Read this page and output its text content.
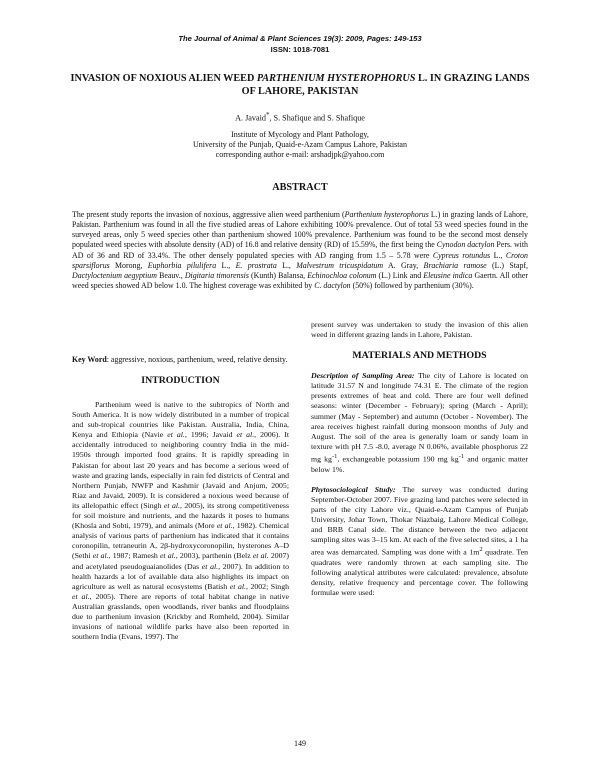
The Journal of Animal & Plant Sciences 19(3): 2009, Pages: 149-153
ISSN: 1018-7081
INVASION OF NOXIOUS ALIEN WEED PARTHENIUM HYSTEROPHORUS L. IN GRAZING LANDS OF LAHORE, PAKISTAN
A. Javaid*, S. Shafique and S. Shafique
Institute of Mycology and Plant Pathology,
University of the Punjab, Quaid-e-Azam Campus Lahore, Pakistan
corresponding author e-mail: arshadjpk@yahoo.com
ABSTRACT

The present study reports the invasion of noxious, aggressive alien weed parthenium (Parthenium hysterophorus L.) in grazing lands of Lahore, Pakistan. Parthenium was found in all the five studied areas of Lahore exhibiting 100% prevalence. Out of total 53 weed species found in the surveyed areas, only 5 weed species other than parthenium showed 100% prevalence. Parthenium was found to be the second most densely populated weed species with absolute density (AD) of 16.8 and relative density (RD) of 15.59%, the first being the Cynodon dactylon Pers. with AD of 36 and RD of 33.4%. The other densely populated species with AD ranging from 1.5 – 5.78 were Cypreus rotundus L., Croton sparsiflorus Morong, Euphorbia pilulifera L., E. prostrata L., Malvestrum tricuspidatum A. Gray, Brachiaria ramose (L.) Stapf, Dactyloctenium aegyptium Beauv., Digitaria timorensis (Kunth) Balansa, Echinochloa colonum (L.) Link and Eleusine indica Gaertn. All other weed species showed AD below 1.0. The highest coverage was exhibited by C. dactylon (50%) followed by parthenium (30%).

Key Word: aggressive, noxious, parthenium, weed, relative density.

INTRODUCTION

Parthenium weed is native to the subtropics of North and South America. It is now widely distributed in a number of tropical and sub-tropical countries like Pakistan. Australia, India, China, Kenya and Ethiopia (Navie et al., 1996; Javaid et al., 2006). It accidentally introduced to neighboring country India in the mid-1950s through imported food grains. It is rapidly spreading in Pakistan for about last 20 years and has become a serious weed of waste and grazing lands, especially in rain fed districts of Central and Northern Punjab, NWFP and Kashmir (Javaid and Anjum, 2005; Riaz and Javaid, 2009). It is considered a noxious weed because of its allelopathic effect (Singh et al., 2005), its strong competitiveness for soil moisture and nutrients, and the hazards it poses to humans (Khosla and Sobti, 1979), and animals (More et al., 1982). Chemical analysis of various parts of parthenium has indicated that it contains coronopilin, tetraneurin A, 2β-hydroxycoronopilin, hysterones A–D (Sethi et al., 1987; Ramesh et al., 2003), parthenin (Belz et al. 2007) and acetylated pseudoguaianolides (Das et al., 2007). In addition to health hazards a lot of available data also highlights its impact on agriculture as well as natural ecosystems (Batish et al., 2002; Singh et al., 2005). There are reports of total habitat change in native Australian grasslands, open woodlands, river banks and floodplains due to parthenium invasion (Krickby and Romheld, 2004). Similar invasions of national wildlife parks have also been reported in southern India (Evans, 1997). The

present survey was undertaken to study the invasion of this alien weed in different grazing lands in Lahore, Pakistan.

MATERIALS AND METHODS

Description of Sampling Area: The city of Lahore is located on latitude 31.57 N and longitude 74.31 E. The climate of the region presents extremes of heat and cold. There are four well defined seasons: winter (December - February); spring (March - April); summer (May - September) and autumn (October - November). The area receives highest rainfall during monsoon months of July and August. The soil of the area is generally loam or sandy loam in texture with pH 7.5 -8.0, average N 0.06%, available phosphorus 22 mg $kg^{-1}$, exchangeable potassium 190 mg $kg^{-1}$ and organic matter below 1%.

Phytosociological Study: The survey was conducted during September-October 2007. Five grazing land patches were selected in parts of the city Lahore viz., Quaid-e-Azam Campus of Punjab University, Johar Town, Thokar Niazbaig, Lahore Medical College, and BRB Canal side. The distance between the two adjacent sampling sites was 3–15 km. At each of the five selected sites, a 1 ha area was demarcated. Sampling was done with a $1m^2$ quadrate. Ten quadrates were randomly thrown at each sampling site. The following analytical attributes were calculated: prevalence, absolute density, relative frequency and percentage cover. The following formulae were used:

149
